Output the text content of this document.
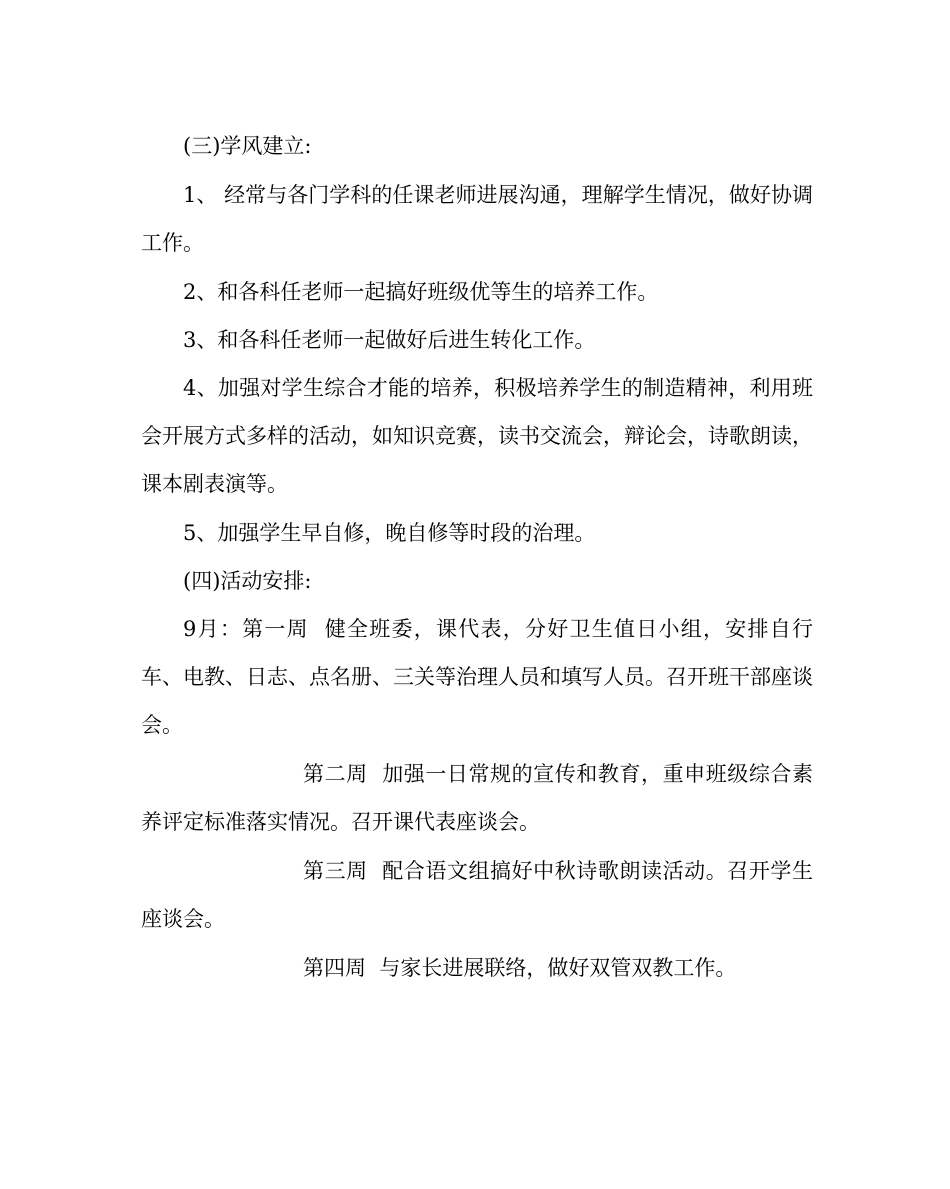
(三)学风建立:

1、 经常与各门学科的任课老师进展沟通，理解学生情况，做好协调工作。

2、和各科任老师一起搞好班级优等生的培养工作。

3、和各科任老师一起做好后进生转化工作。

4、加强对学生综合才能的培养，积极培养学生的制造精神，利用班会开展方式多样的活动，如知识竞赛，读书交流会，辩论会，诗歌朗读，课本剧表演等。

5、加强学生早自修，晚自修等时段的治理。

(四)活动安排:

9月：第一周  健全班委，课代表，分好卫生值日小组，安排自行车、电教、日志、点名册、三关等治理人员和填写人员。召开班干部座谈会。

第二周  加强一日常规的宣传和教育，重申班级综合素养评定标准落实情况。召开课代表座谈会。

第三周  配合语文组搞好中秋诗歌朗读活动。召开学生座谈会。

第四周  与家长进展联络，做好双管双教工作。
